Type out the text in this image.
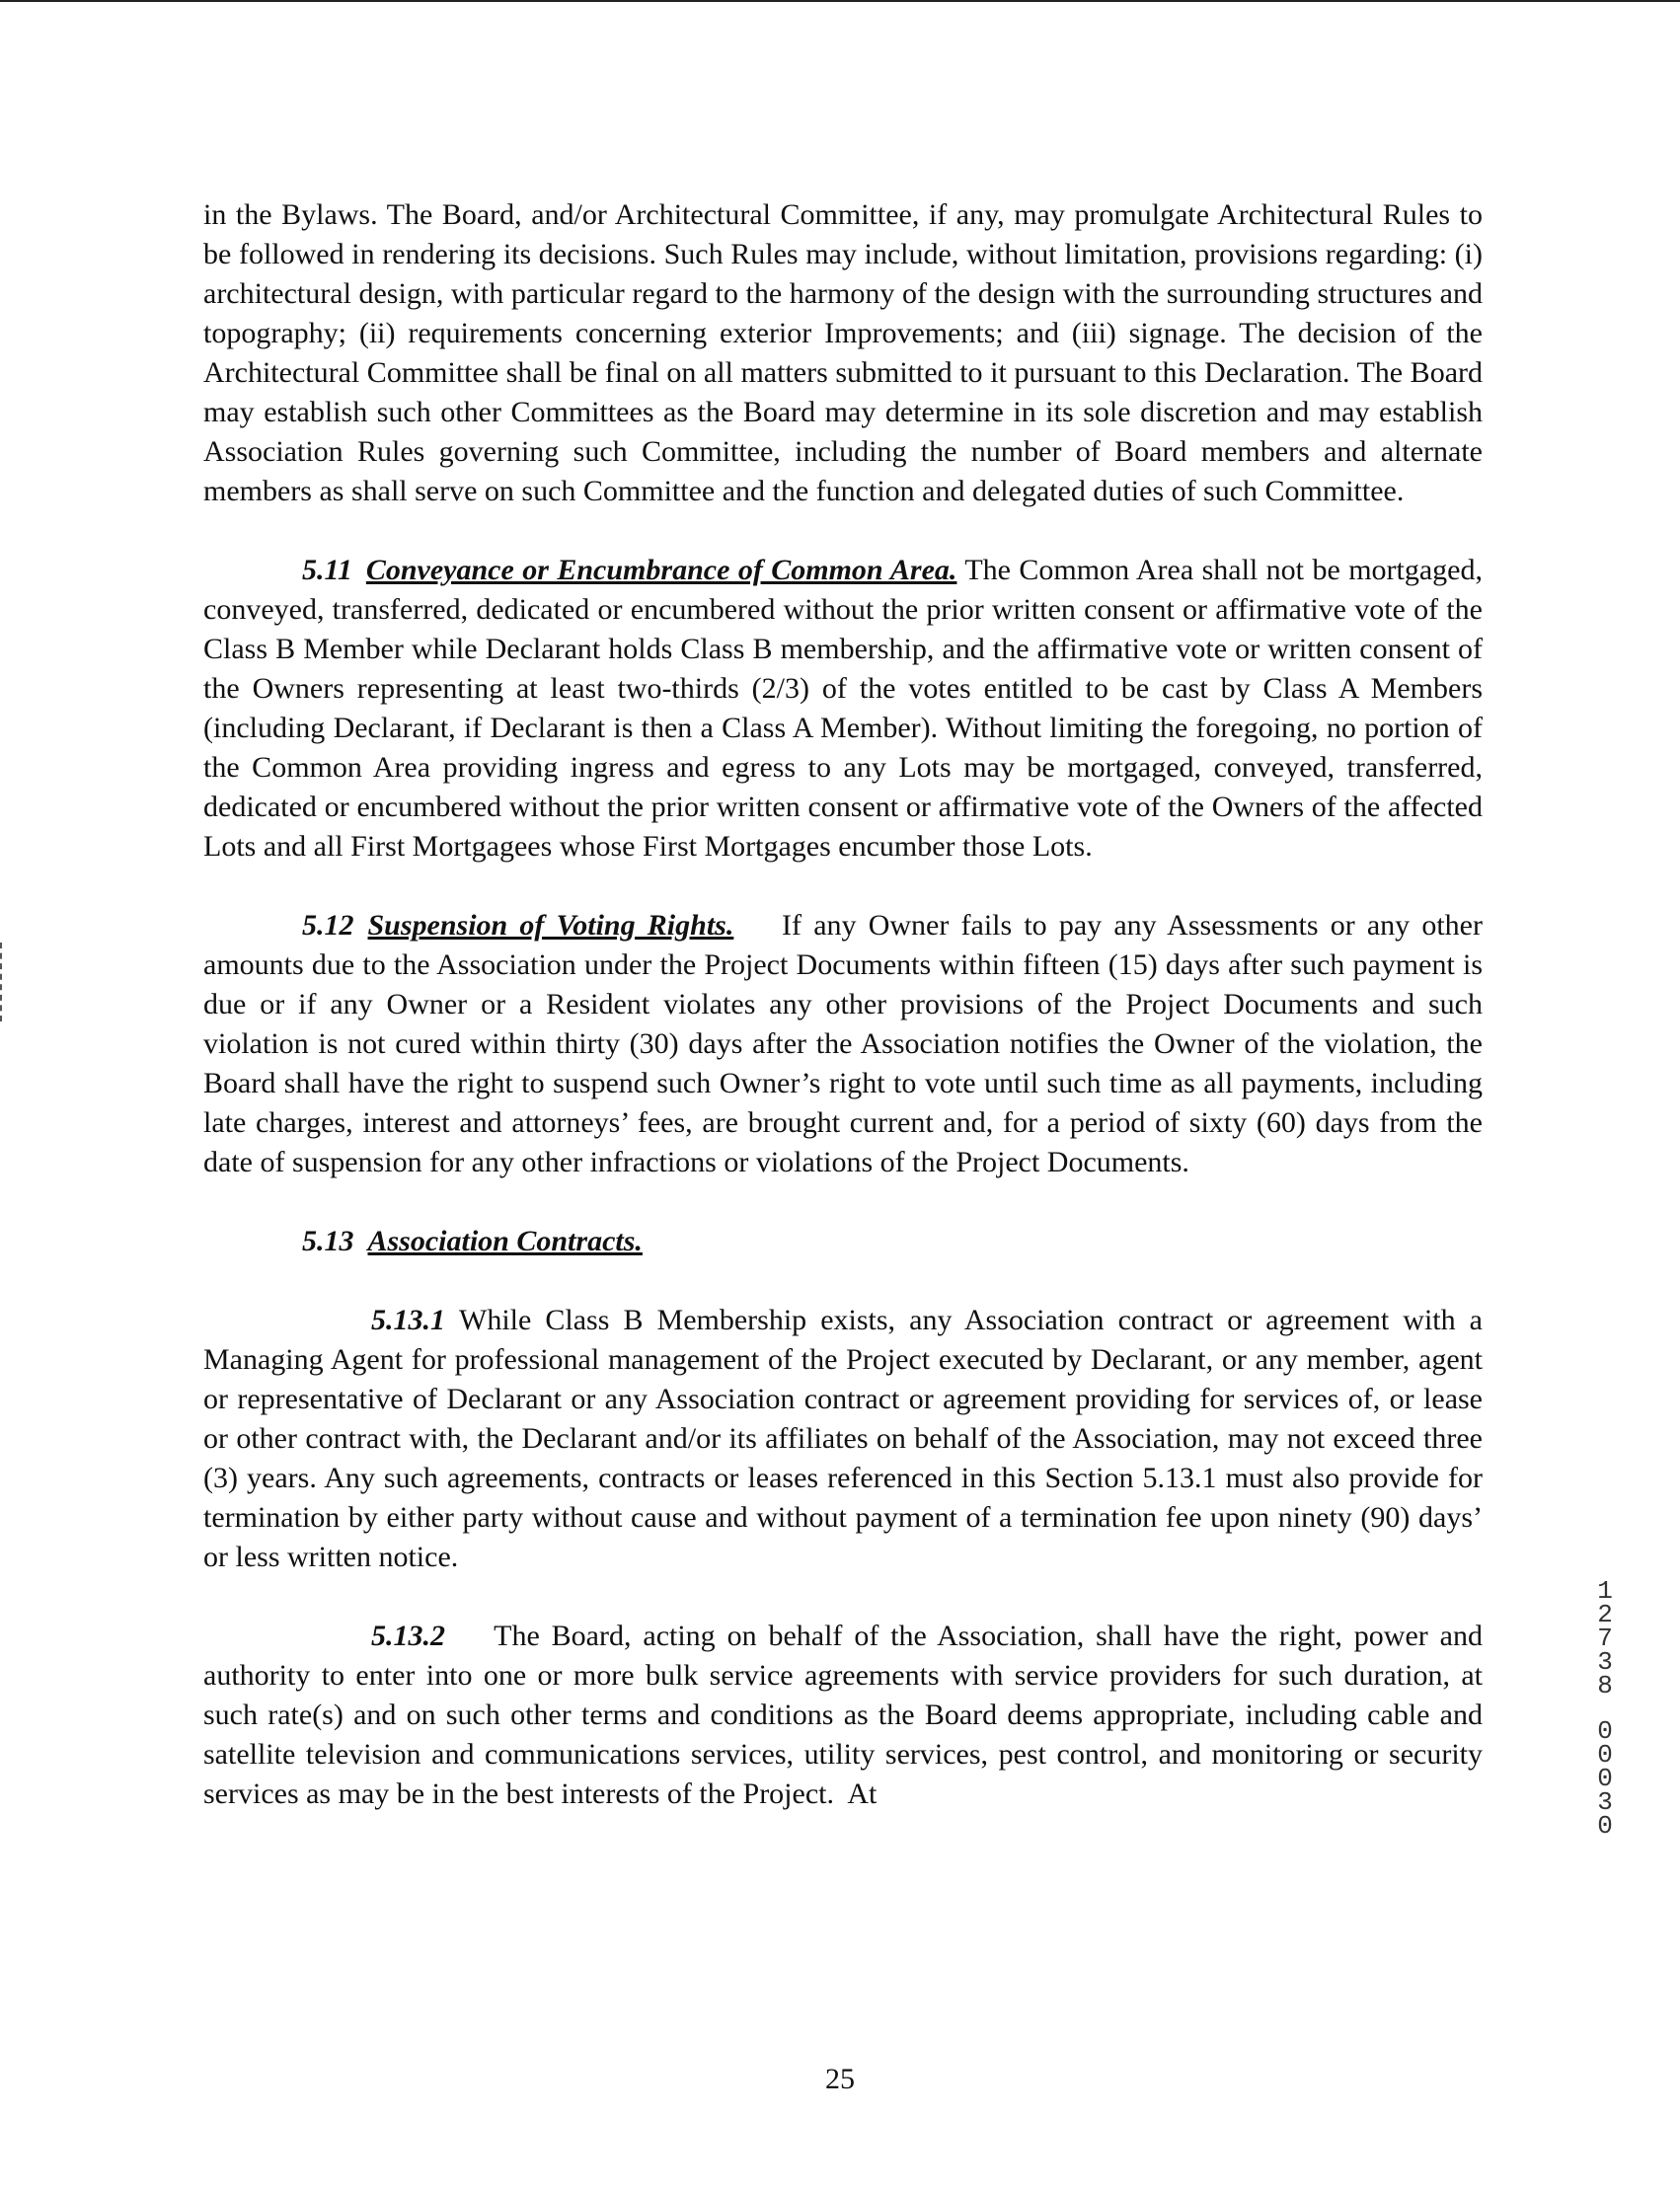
in the Bylaws. The Board, and/or Architectural Committee, if any, may promulgate Architectural Rules to be followed in rendering its decisions. Such Rules may include, without limitation, provisions regarding: (i) architectural design, with particular regard to the harmony of the design with the surrounding structures and topography; (ii) requirements concerning exterior Improvements; and (iii) signage. The decision of the Architectural Committee shall be final on all matters submitted to it pursuant to this Declaration. The Board may establish such other Committees as the Board may determine in its sole discretion and may establish Association Rules governing such Committee, including the number of Board members and alternate members as shall serve on such Committee and the function and delegated duties of such Committee.

5.11 Conveyance or Encumbrance of Common Area. The Common Area shall not be mortgaged, conveyed, transferred, dedicated or encumbered without the prior written consent or affirmative vote of the Class B Member while Declarant holds Class B membership, and the affirmative vote or written consent of the Owners representing at least two-thirds (2/3) of the votes entitled to be cast by Class A Members (including Declarant, if Declarant is then a Class A Member). Without limiting the foregoing, no portion of the Common Area providing ingress and egress to any Lots may be mortgaged, conveyed, transferred, dedicated or encumbered without the prior written consent or affirmative vote of the Owners of the affected Lots and all First Mortgagees whose First Mortgages encumber those Lots.

5.12 Suspension of Voting Rights.    If any Owner fails to pay any Assessments or any other amounts due to the Association under the Project Documents within fifteen (15) days after such payment is due or if any Owner or a Resident violates any other provisions of the Project Documents and such violation is not cured within thirty (30) days after the Association notifies the Owner of the violation, the Board shall have the right to suspend such Owner’s right to vote until such time as all payments, including late charges, interest and attorneys’ fees, are brought current and, for a period of sixty (60) days from the date of suspension for any other infractions or violations of the Project Documents.

5.13 Association Contracts.

5.13.1 While Class B Membership exists, any Association contract or agreement with a Managing Agent for professional management of the Project executed by Declarant, or any member, agent or representative of Declarant or any Association contract or agreement providing for services of, or lease or other contract with, the Declarant and/or its affiliates on behalf of the Association, may not exceed three (3) years. Any such agreements, contracts or leases referenced in this Section 5.13.1 must also provide for termination by either party without cause and without payment of a termination fee upon ninety (90) days’ or less written notice.

5.13.2   The Board, acting on behalf of the Association, shall have the right, power and authority to enter into one or more bulk service agreements with service providers for such duration, at such rate(s) and on such other terms and conditions as the Board deems appropriate, including cable and satellite television and communications services, utility services, pest control, and monitoring or security services as may be in the best interests of the Project.  At

1
2
7
3
8
0
0
0
3
0
25
